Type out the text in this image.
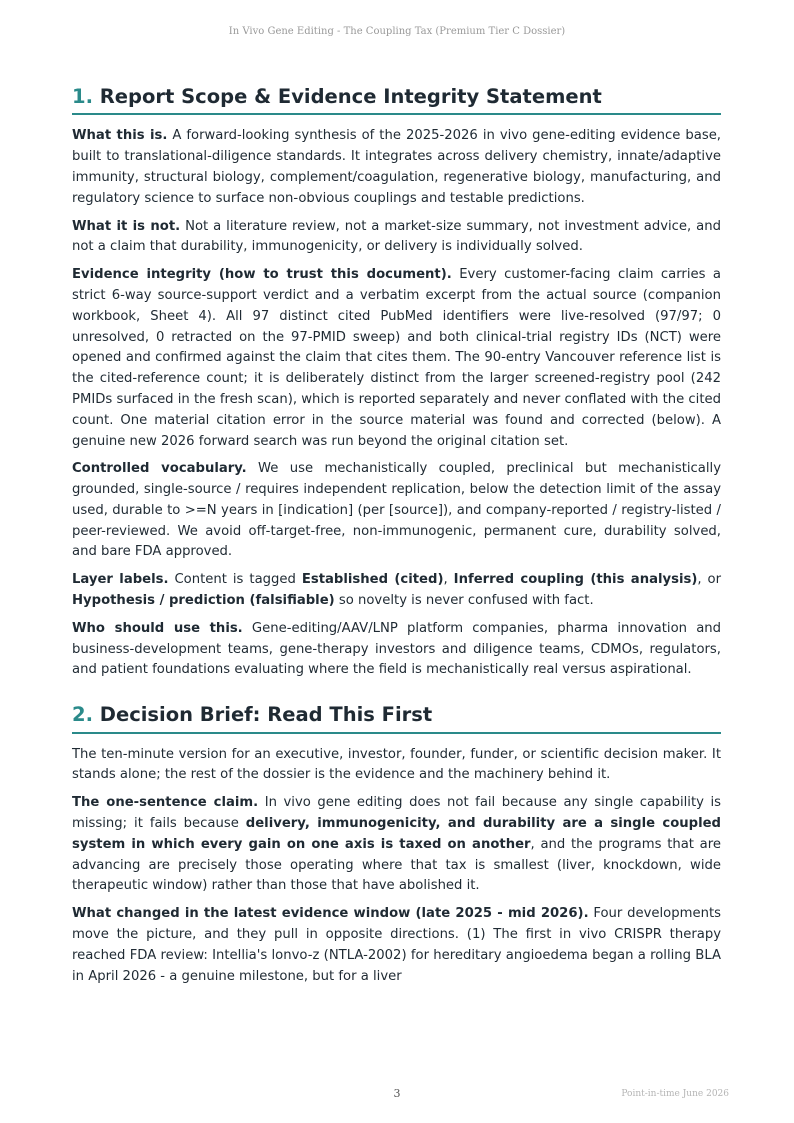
In Vivo Gene Editing - The Coupling Tax (Premium Tier C Dossier)
1. Report Scope & Evidence Integrity Statement

What this is. A forward-looking synthesis of the 2025-2026 in vivo gene-editing evidence base, built to translational-diligence standards. It integrates across delivery chemistry, innate/adaptive immunity, structural biology, complement/coagulation, regenerative biology, manufacturing, and regulatory science to surface non-obvious couplings and testable predictions.

What it is not. Not a literature review, not a market-size summary, not investment advice, and not a claim that durability, immunogenicity, or delivery is individually solved.

Evidence integrity (how to trust this document). Every customer-facing claim carries a strict 6-way source-support verdict and a verbatim excerpt from the actual source (companion workbook, Sheet 4). All 97 distinct cited PubMed identifiers were live-resolved (97/97; 0 unresolved, 0 retracted on the 97-PMID sweep) and both clinical-trial registry IDs (NCT) were opened and confirmed against the claim that cites them. The 90-entry Vancouver reference list is the cited-reference count; it is deliberately distinct from the larger screened-registry pool (242 PMIDs surfaced in the fresh scan), which is reported separately and never conflated with the cited count. One material citation error in the source material was found and corrected (below). A genuine new 2026 forward search was run beyond the original citation set.

Controlled vocabulary. We use mechanistically coupled, preclinical but mechanistically grounded, single-source / requires independent replication, below the detection limit of the assay used, durable to >=N years in [indication] (per [source]), and company-reported / registry-listed / peer-reviewed. We avoid off-target-free, non-immunogenic, permanent cure, durability solved, and bare FDA approved.

Layer labels. Content is tagged Established (cited), Inferred coupling (this analysis), or Hypothesis / prediction (falsifiable) so novelty is never confused with fact.

Who should use this. Gene-editing/AAV/LNP platform companies, pharma innovation and business-development teams, gene-therapy investors and diligence teams, CDMOs, regulators, and patient foundations evaluating where the field is mechanistically real versus aspirational.

2. Decision Brief: Read This First

The ten-minute version for an executive, investor, founder, funder, or scientific decision maker. It stands alone; the rest of the dossier is the evidence and the machinery behind it.

The one-sentence claim. In vivo gene editing does not fail because any single capability is missing; it fails because delivery, immunogenicity, and durability are a single coupled system in which every gain on one axis is taxed on another, and the programs that are advancing are precisely those operating where that tax is smallest (liver, knockdown, wide therapeutic window) rather than those that have abolished it.

What changed in the latest evidence window (late 2025 - mid 2026). Four developments move the picture, and they pull in opposite directions. (1) The first in vivo CRISPR therapy reached FDA review: Intellia's lonvo-z (NTLA-2002) for hereditary angioedema began a rolling BLA in April 2026 - a genuine milestone, but for a liver

3	Point-in-time June 2026
